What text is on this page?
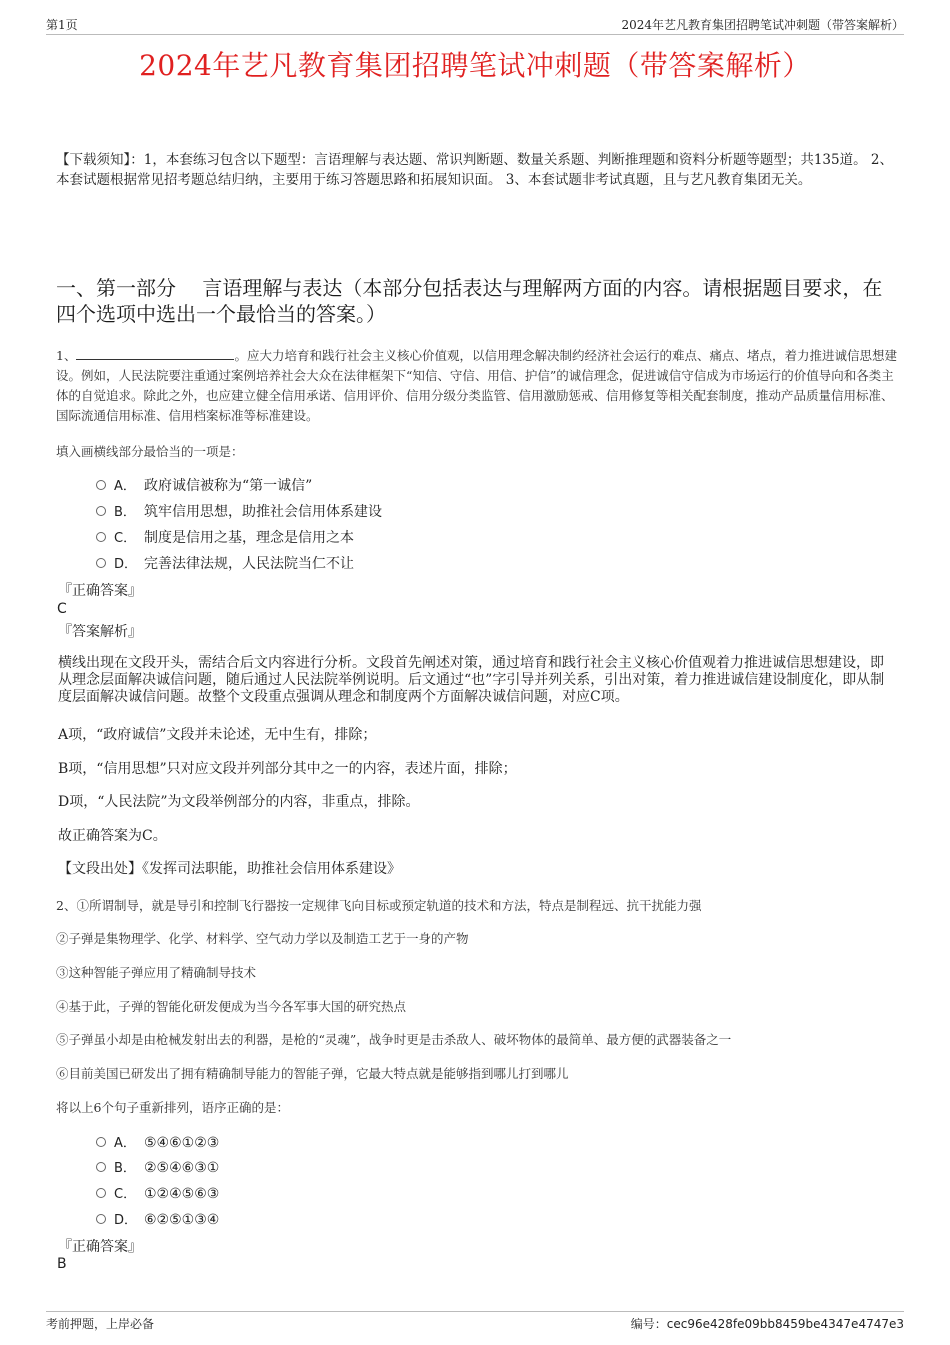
第1页	2024年艺凡教育集团招聘笔试冲刺题（带答案解析）
2024年艺凡教育集团招聘笔试冲刺题（带答案解析）
【下载须知】：1，本套练习包含以下题型：言语理解与表达题、常识判断题、数量关系题、判断推理题和资料分析题等题型；共135道。 2、本套试题根据常见招考题总结归纳，主要用于练习答题思路和拓展知识面。 3、本套试题非考试真题，且与艺凡教育集团无关。
一、第一部分　 言语理解与表达（本部分包括表达与理解两方面的内容。请根据题目要求，在四个选项中选出一个最恰当的答案。）
1、	。应大力培育和践行社会主义核心价值观，以信用理念解决制约经济社会运行的难点、痛点、堵点，着力推进诚信思想建设。例如，人民法院要注重通过案例培养社会大众在法律框架下“知信、守信、用信、护信”的诚信理念，促进诚信守信成为市场运行的价值导向和各类主体的自觉追求。除此之外，也应建立健全信用承诺、信用评价、信用分级分类监管、信用激励惩戒、信用修复等相关配套制度，推动产品质量信用标准、国际流通信用标准、信用档案标准等标准建设。
填入画横线部分最恰当的一项是：
A． 政府诚信被称为“第一诚信”
B． 筑牢信用思想，助推社会信用体系建设
C． 制度是信用之基，理念是信用之本
D． 完善法律法规，人民法院当仁不让
『正确答案』
C
『答案解析』
横线出现在文段开头，需结合后文内容进行分析。文段首先阐述对策，通过培育和践行社会主义核心价值观着力推进诚信思想建设，即从理念层面解决诚信问题，随后通过人民法院举例说明。后文通过“也”字引导并列关系，引出对策，着力推进诚信建设制度化，即从制度层面解决诚信问题。故整个文段重点强调从理念和制度两个方面解决诚信问题，对应C项。
A项，“政府诚信”文段并未论述，无中生有，排除；
B项，“信用思想”只对应文段并列部分其中之一的内容，表述片面，排除；
D项，“人民法院”为文段举例部分的内容，非重点，排除。
故正确答案为C。
【文段出处】《发挥司法职能，助推社会信用体系建设》
2、①所谓制导，就是导引和控制飞行器按一定规律飞向目标或预定轨道的技术和方法，特点是制程远、抗干扰能力强
②子弹是集物理学、化学、材料学、空气动力学以及制造工艺于一身的产物
③这种智能子弹应用了精确制导技术
④基于此，子弹的智能化研发便成为当今各军事大国的研究热点
⑤子弹虽小却是由枪械发射出去的利器，是枪的“灵魂”，战争时更是击杀敌人、破坏物体的最简单、最方便的武器装备之一
⑥目前美国已研发出了拥有精确制导能力的智能子弹，它最大特点就是能够指到哪儿打到哪儿
将以上6个句子重新排列，语序正确的是：
A． ⑤④⑥①②③
B． ②⑤④⑥③①
C． ①②④⑤⑥③
D． ⑥②⑤①③④
『正确答案』
B
考前押题，上岸必备	编号：cec96e428fe09bb8459be4347e4747e3
